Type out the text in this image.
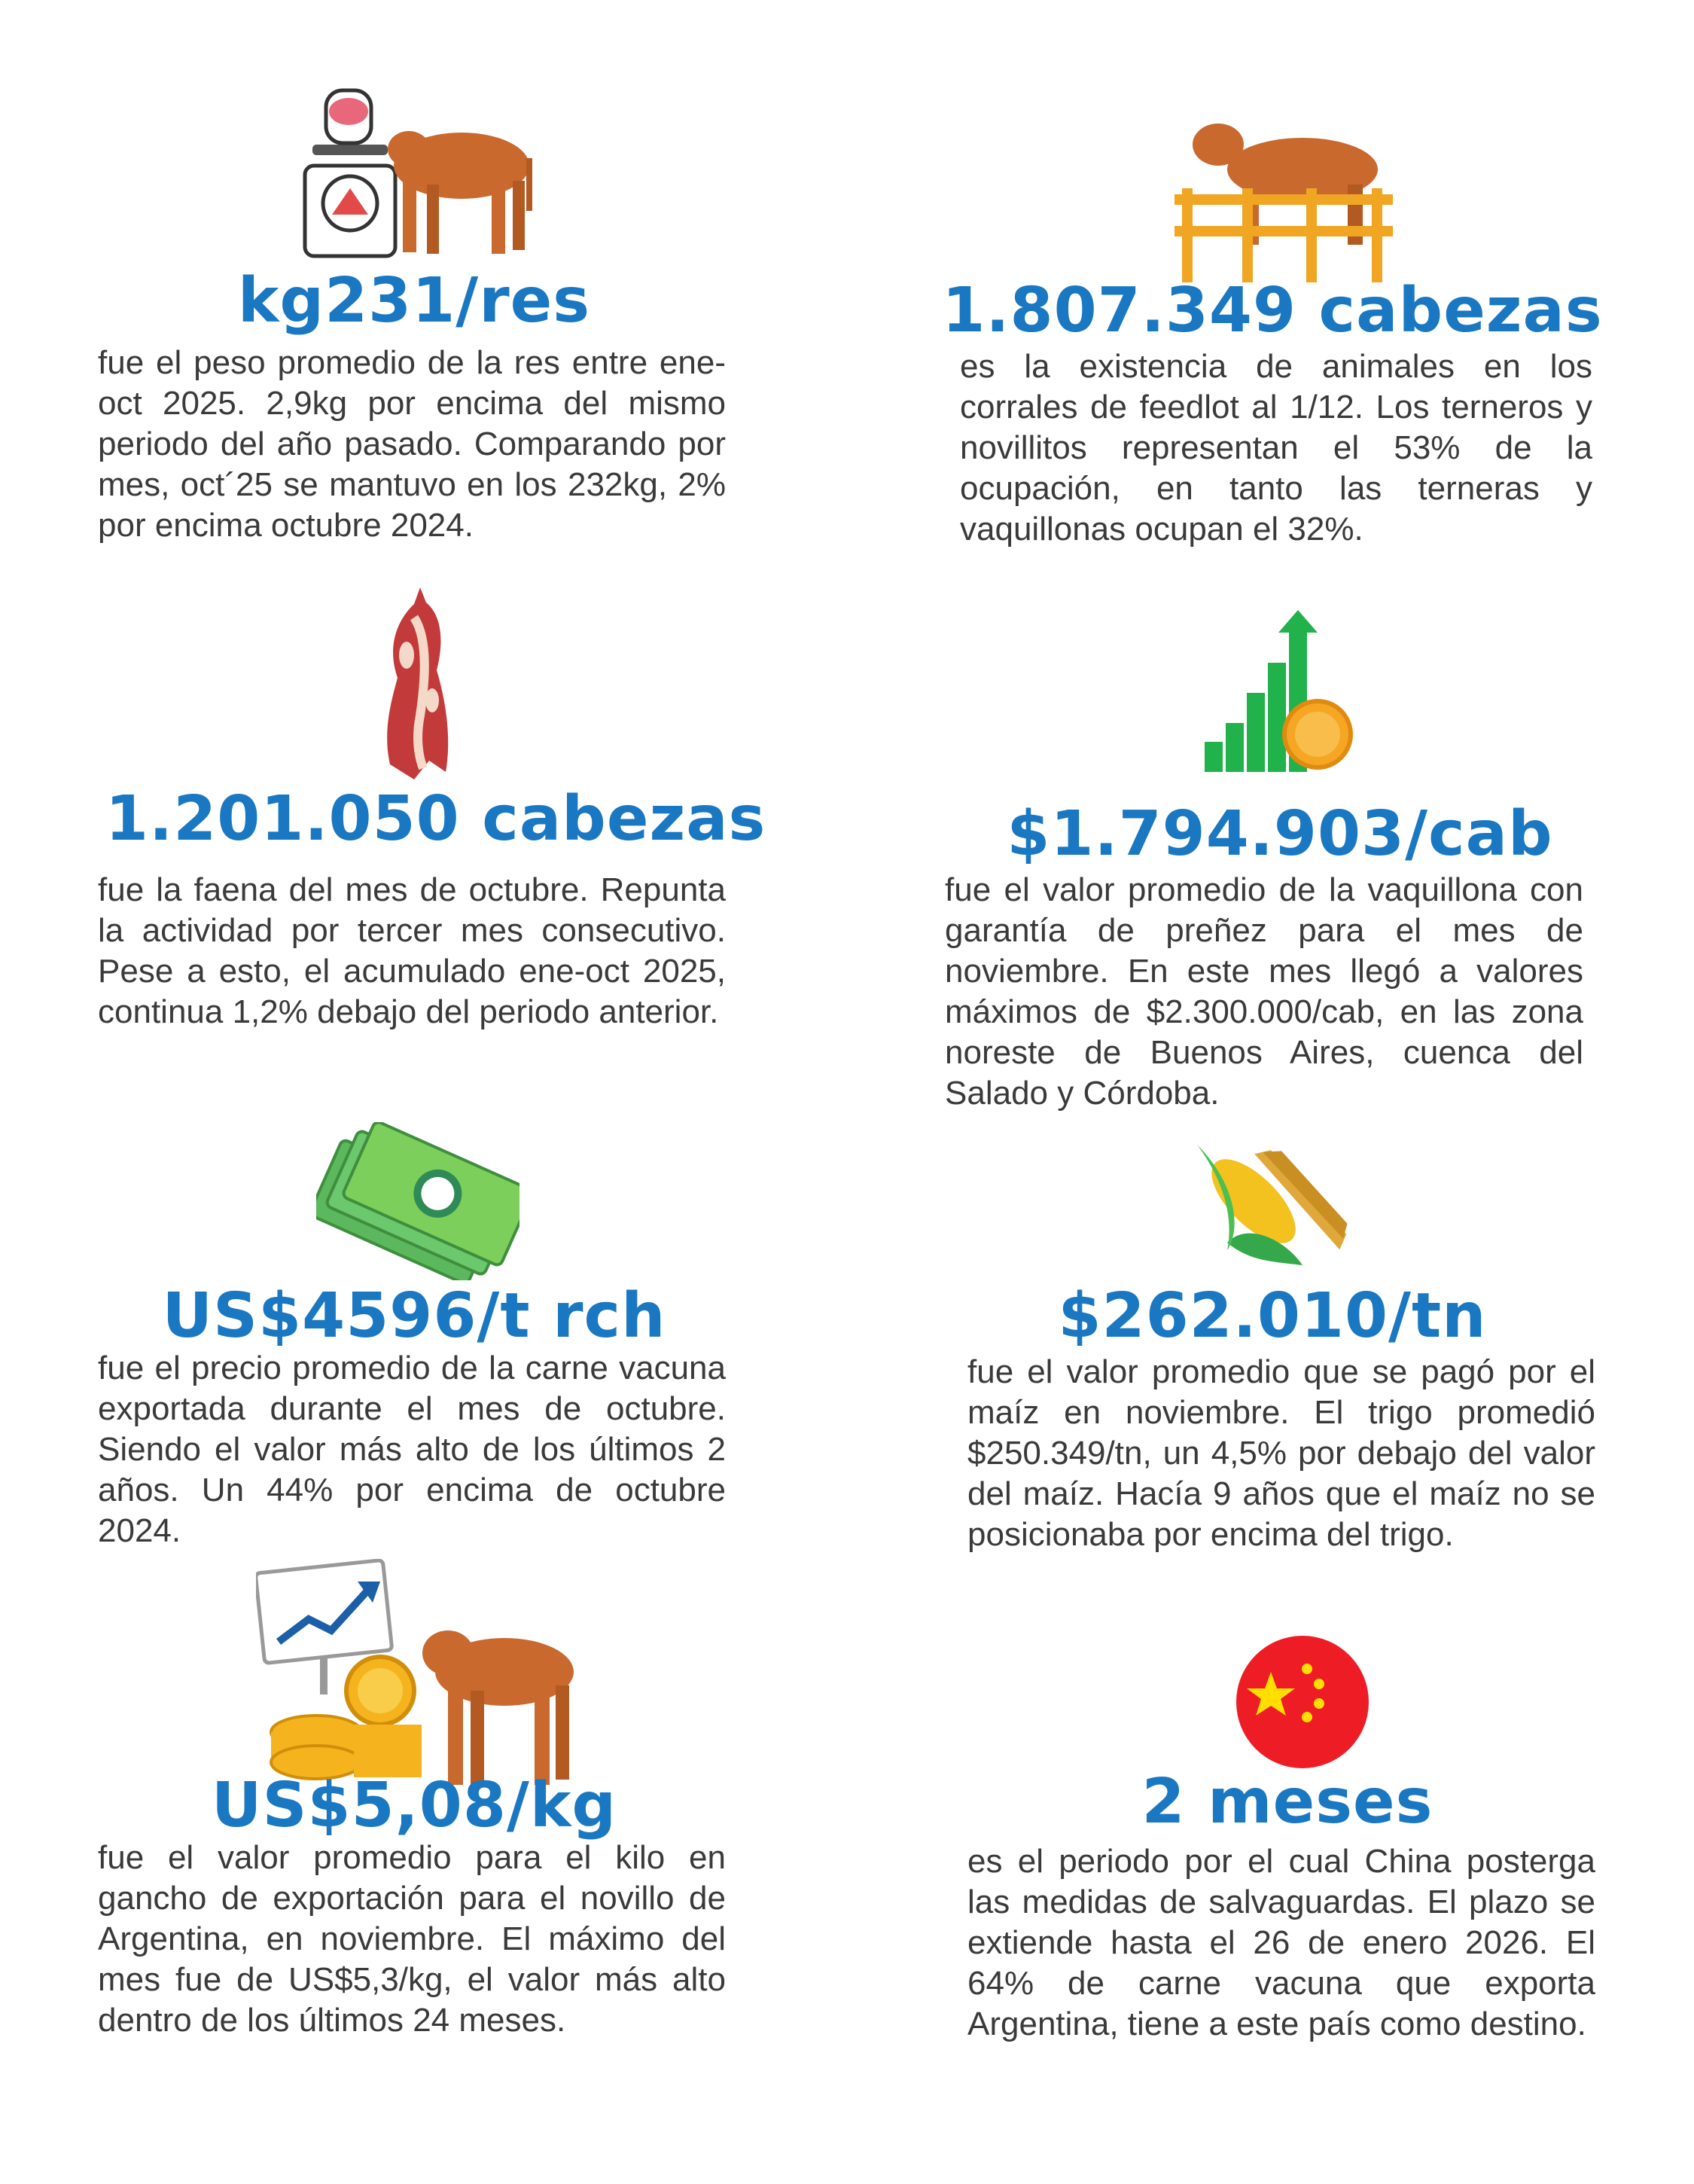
kg231/res

fue el peso promedio de la res entre ene-oct 2025. 2,9kg por encima del mismo periodo del año pasado. Comparando por mes, oct´25 se mantuvo en los 232kg, 2% por encima octubre 2024.

1.807.349 cabezas

es la existencia de animales en los corrales de feedlot al 1/12. Los terneros y novillitos representan el 53% de la ocupación, en tanto las terneras y vaquillonas ocupan el 32%.

1.201.050 cabezas

fue la faena del mes de octubre. Repunta la actividad por tercer mes consecutivo. Pese a esto, el acumulado ene-oct 2025, continua 1,2% debajo del periodo anterior.

$1.794.903/cab

fue el valor promedio de la vaquillona con garantía de preñez para el mes de noviembre. En este mes llegó a valores máximos de $2.300.000/cab, en las zona noreste de Buenos Aires, cuenca del Salado y Córdoba.

US$4596/t rch

fue el precio promedio de la carne vacuna exportada durante el mes de octubre. Siendo el valor más alto de los últimos 2 años. Un 44% por encima de octubre 2024.

$262.010/tn

fue el valor promedio que se pagó por el maíz en noviembre. El trigo promedió $250.349/tn, un 4,5% por debajo del valor del maíz. Hacía 9 años que el maíz no se posicionaba por encima del trigo.

US$5,08/kg

fue el valor promedio para el kilo en gancho de exportación para el novillo de Argentina, en noviembre. El máximo del mes fue de US$5,3/kg, el valor más alto dentro de los últimos 24 meses.

2 meses

es el periodo por el cual China posterga las medidas de salvaguardas. El plazo se extiende hasta el 26 de enero 2026. El 64% de carne vacuna que exporta Argentina, tiene a este país como destino.
